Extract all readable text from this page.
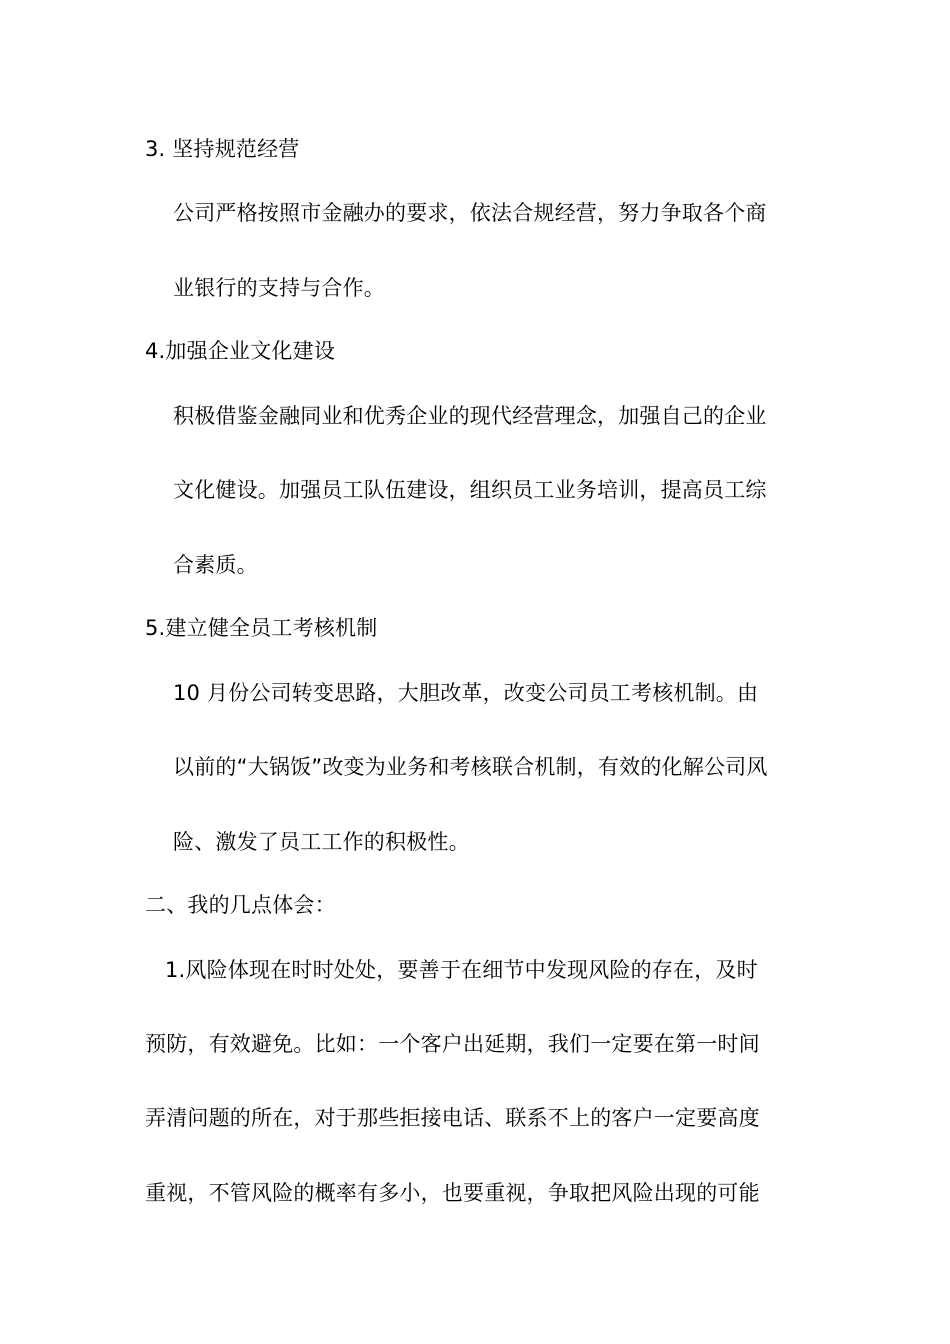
3. 坚持规范经营
公司严格按照市金融办的要求，依法合规经营，努力争取各个商
业银行的支持与合作。
4.加强企业文化建设
积极借鉴金融同业和优秀企业的现代经营理念，加强自己的企业
文化健设。加强员工队伍建设，组织员工业务培训，提高员工综
合素质。
5.建立健全员工考核机制
10 月份公司转变思路，大胆改革，改变公司员工考核机制。由
以前的“大锅饭”改变为业务和考核联合机制，有效的化解公司风
险、激发了员工工作的积极性。
二、我的几点体会：
1.风险体现在时时处处，要善于在细节中发现风险的存在，及时
预防，有效避免。比如：一个客户出延期，我们一定要在第一时间
弄清问题的所在，对于那些拒接电话、联系不上的客户一定要高度
重视，不管风险的概率有多小，也要重视，争取把风险出现的可能
